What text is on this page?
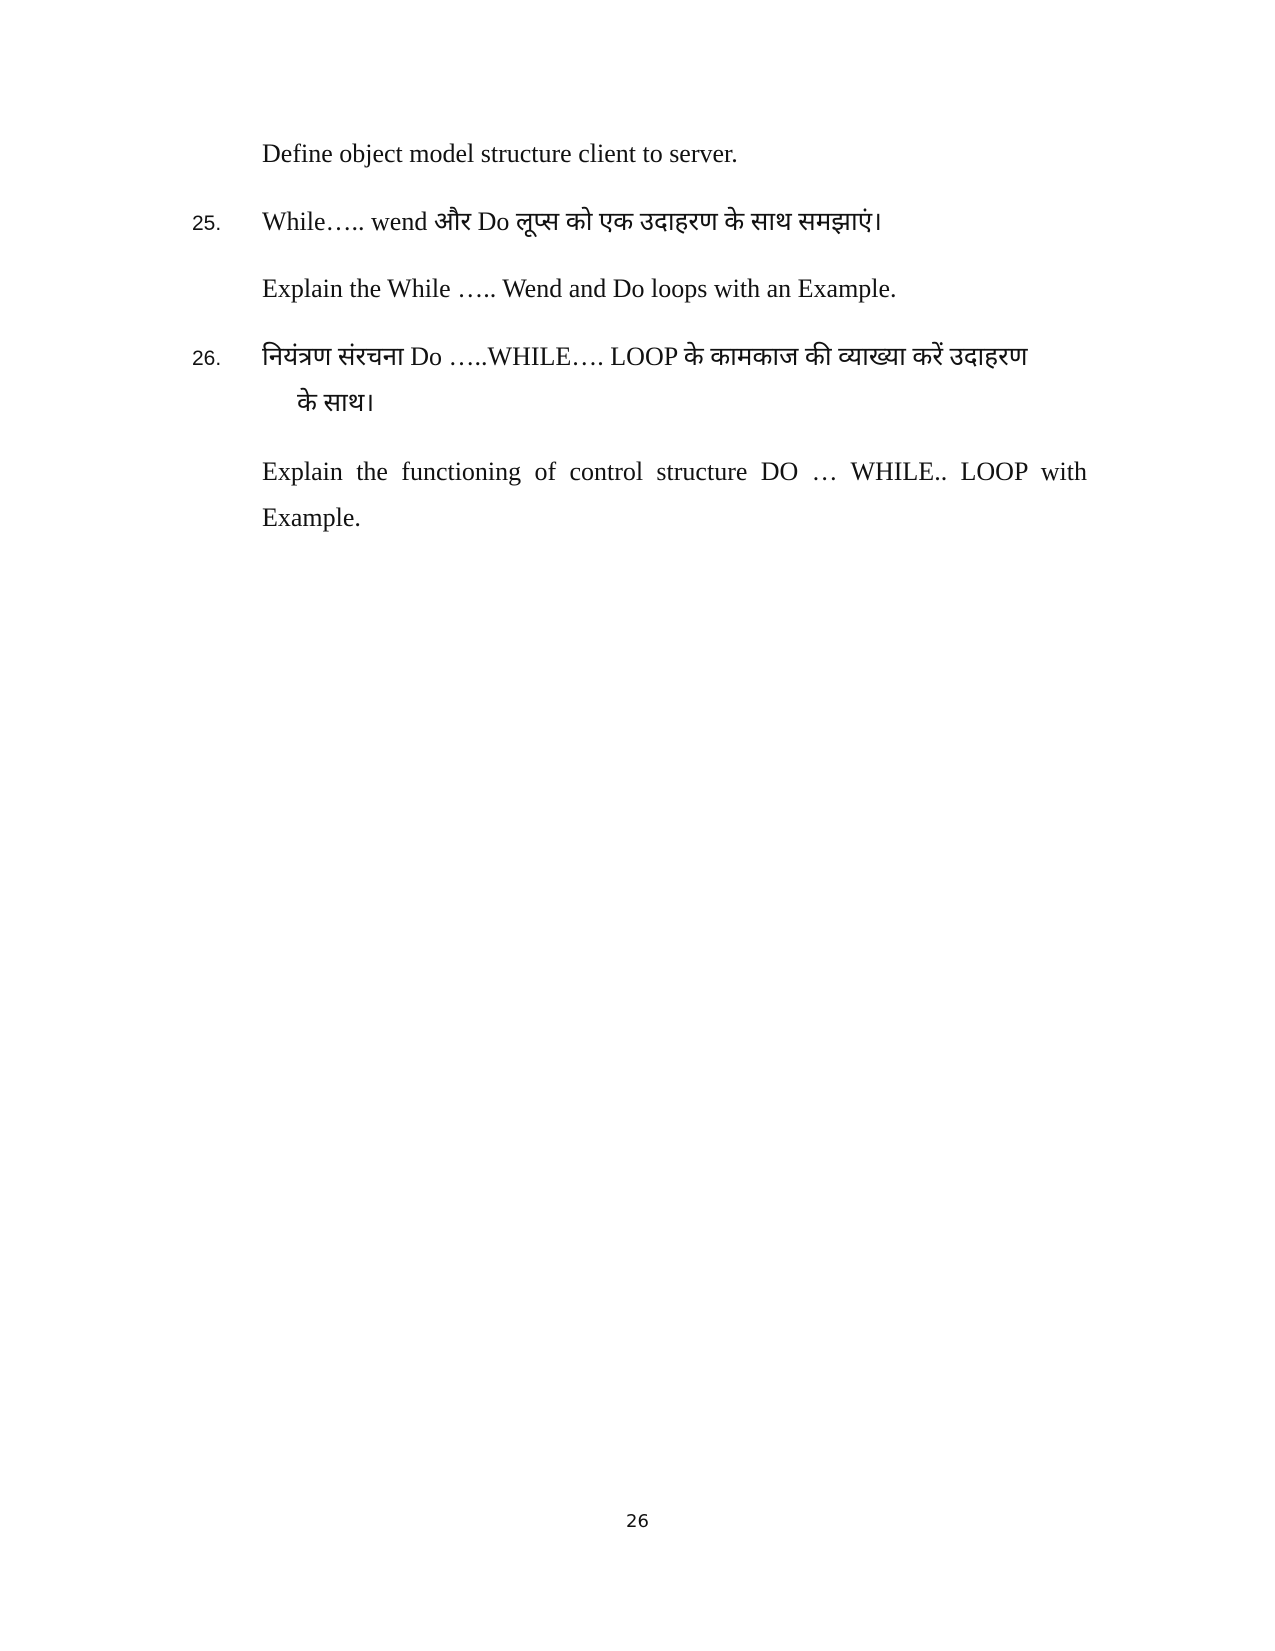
Define object model structure client to server.
25. While….. wend और Do लूप्स को एक उदाहरण के साथ समझाएं।
Explain the While ….. Wend and Do loops with an Example.
26. नियंत्रण संरचना Do …..WHILE…. LOOP के कामकाज की व्याख्या करें उदाहरण
के साथ।
Explain the functioning of control structure DO … WHILE.. LOOP with Example.
26
